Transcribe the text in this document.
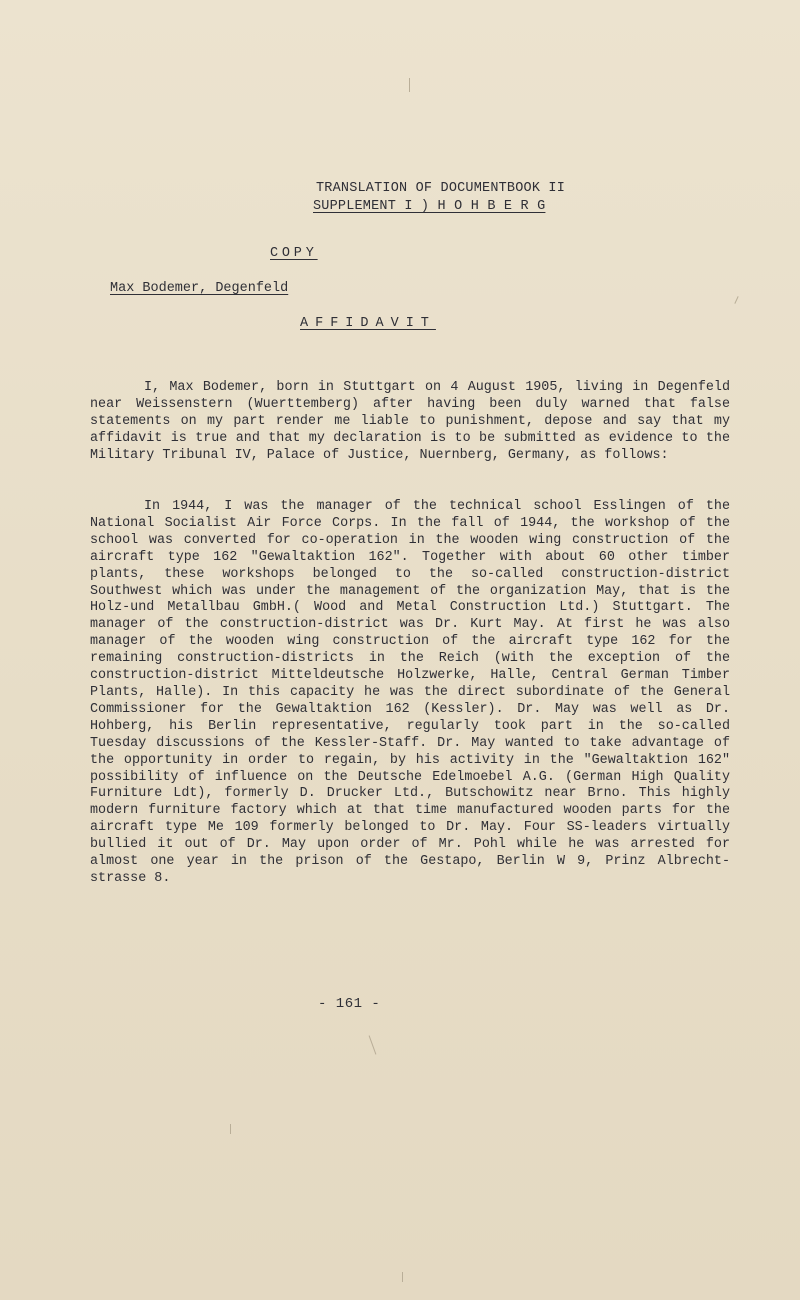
TRANSLATION OF DOCUMENTBOOK II
SUPPLEMENT I ) H O H B E R G
COPY
Max Bodemer, Degenfeld
AFFIDAVIT

I, Max Bodemer, born in Stuttgart on 4 August 1905, living in Degenfeld near Weissenstern (Wuerttemberg) after having been duly warned that false statements on my part render me liable to punishment, depose and say that my affidavit is true and that my declaration is to be submitted as evidence to the Military Tribunal IV, Palace of Justice, Nuernberg, Germany, as follows:

In 1944, I was the manager of the technical school Esslingen of the National Socialist Air Force Corps. In the fall of 1944, the workshop of the school was converted for co-operation in the wooden wing construction of the aircraft type 162 "Gewaltaktion 162". Together with about 60 other timber plants, these workshops belonged to the so-called construction-district Southwest which was under the management of the organization May, that is the Holz-und Metallbau GmbH.( Wood and Metal Construction Ltd.) Stuttgart. The manager of the construction-district was Dr. Kurt May. At first he was also manager of the wooden wing construction of the aircraft type 162 for the remaining construction-districts in the Reich (with the exception of the construction-district Mitteldeutsche Holzwerke, Halle, Central German Timber Plants, Halle). In this capacity he was the direct subordinate of the General Commissioner for the Gewaltaktion 162 (Kessler). Dr. May was well as Dr. Hohberg, his Berlin representative, regularly took part in the so-called Tuesday discussions of the Kessler-Staff. Dr. May wanted to take advantage of the opportunity in order to regain, by his activity in the "Gewaltaktion 162" possibility of influence on the Deutsche Edelmoebel A.G. (German High Quality Furniture Ldt), formerly D. Drucker Ltd., Butschowitz near Brno. This highly modern furniture factory which at that time manufactured wooden parts for the aircraft type Me 109 formerly belonged to Dr. May. Four SS-leaders virtually bullied it out of Dr. May upon order of Mr. Pohl while he was arrested for almost one year in the prison of the Gestapo, Berlin W 9, Prinz Albrecht-strasse 8.

- 161 -
